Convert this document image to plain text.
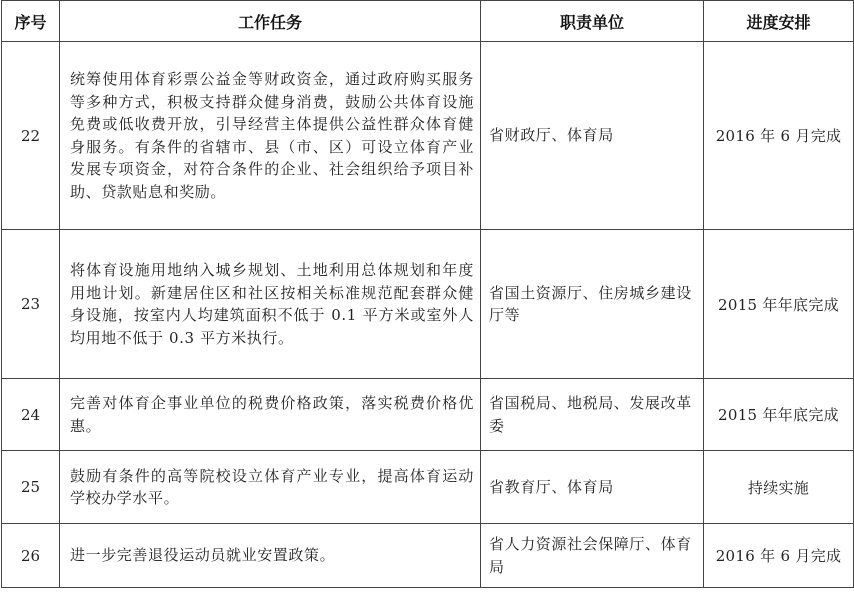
序号	工作任务	职责单位	进度安排
22	统筹使用体育彩票公益金等财政资金，通过政府购买服务等多种方式，积极支持群众健身消费，鼓励公共体育设施免费或低收费开放，引导经营主体提供公益性群众体育健身服务。有条件的省辖市、县（市、区）可设立体育产业发展专项资金，对符合条件的企业、社会组织给予项目补助、贷款贴息和奖励。	省财政厅、体育局	2016 年 6 月完成
23	将体育设施用地纳入城乡规划、土地利用总体规划和年度用地计划。新建居住区和社区按相关标准规范配套群众健身设施，按室内人均建筑面积不低于 0.1 平方米或室外人均用地不低于 0.3 平方米执行。	省国土资源厅、住房城乡建设厅等	2015 年年底完成
24	完善对体育企事业单位的税费价格政策，落实税费价格优惠。	省国税局、地税局、发展改革委	2015 年年底完成
25	鼓励有条件的高等院校设立体育产业专业，提高体育运动学校办学水平。	省教育厅、体育局	持续实施
26	进一步完善退役运动员就业安置政策。	省人力资源社会保障厅、体育局	2016 年 6 月完成
